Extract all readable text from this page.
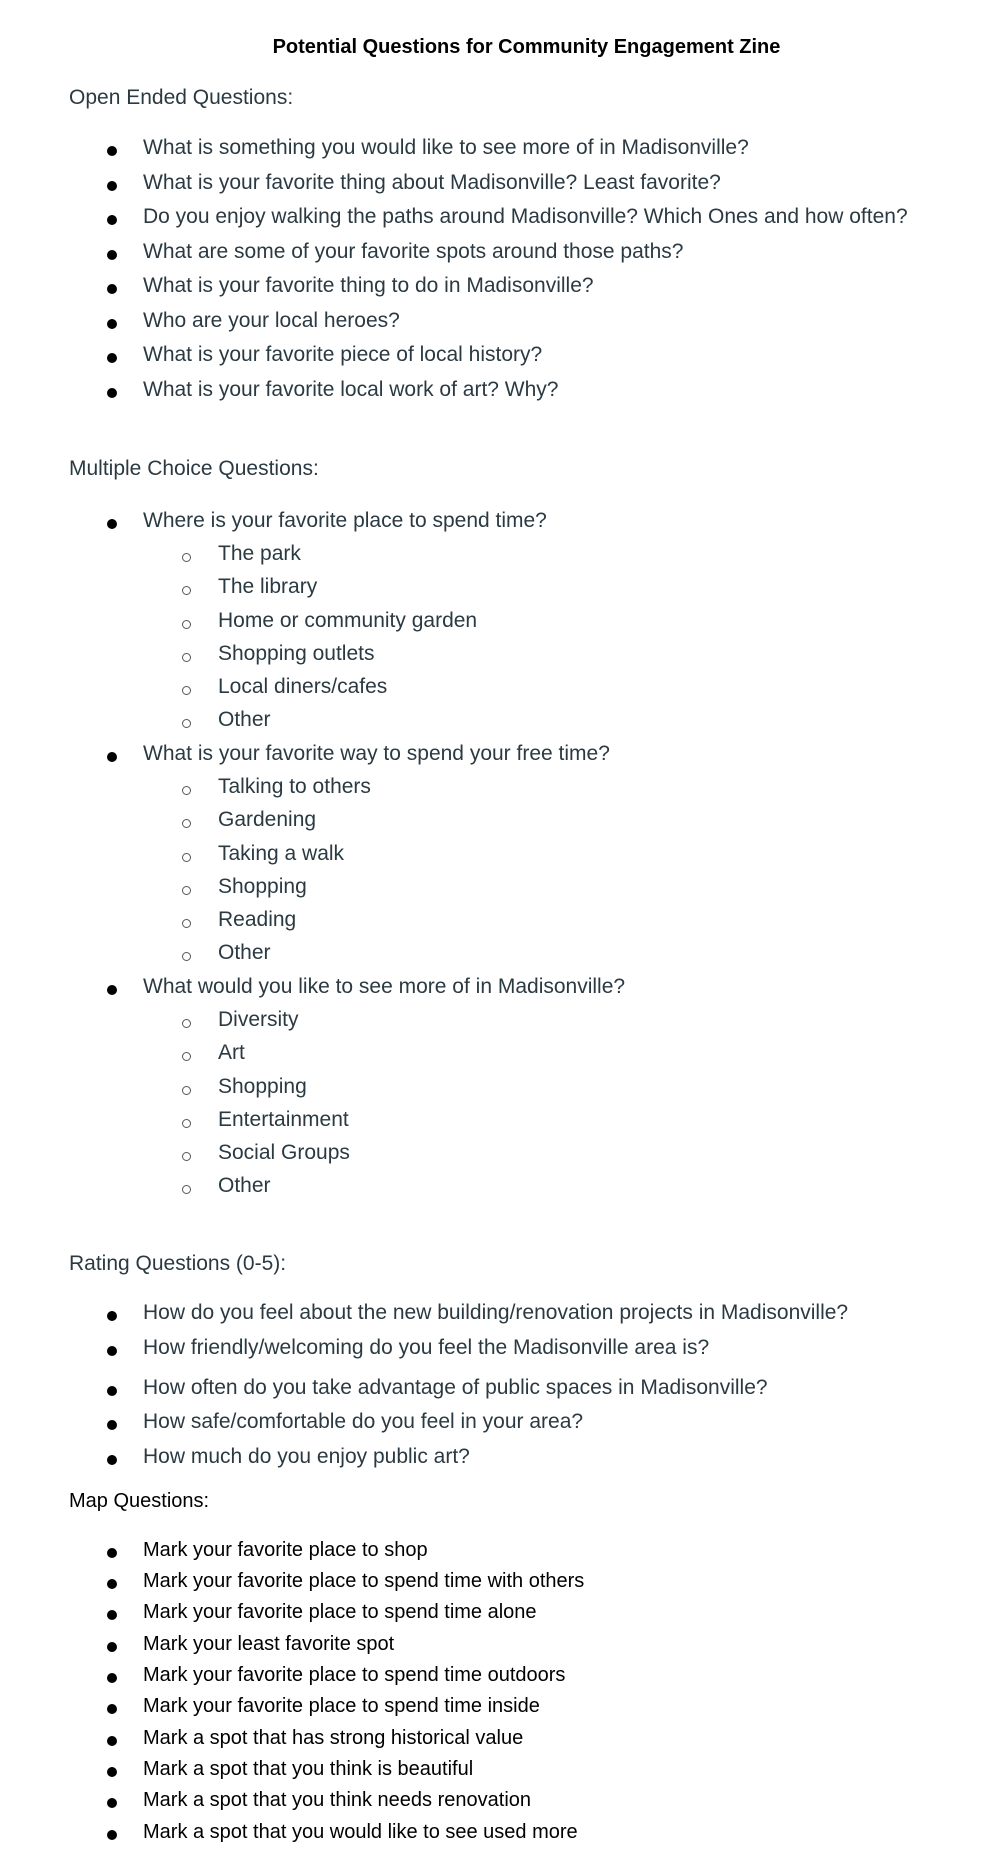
Potential Questions for Community Engagement Zine
Open Ended Questions:
What is something you would like to see more of in Madisonville?
What is your favorite thing about Madisonville? Least favorite?
Do you enjoy walking the paths around Madisonville? Which Ones and how often?
What are some of your favorite spots around those paths?
What is your favorite thing to do in Madisonville?
Who are your local heroes?
What is your favorite piece of local history?
What is your favorite local work of art? Why?
Multiple Choice Questions:
Where is your favorite place to spend time?
The park
The library
Home or community garden
Shopping outlets
Local diners/cafes
Other
What is your favorite way to spend your free time?
Talking to others
Gardening
Taking a walk
Shopping
Reading
Other
What would you like to see more of in Madisonville?
Diversity
Art
Shopping
Entertainment
Social Groups
Other
Rating Questions (0-5):
How do you feel about the new building/renovation projects in Madisonville?
How friendly/welcoming do you feel the Madisonville area is?
How often do you take advantage of public spaces in Madisonville?
How safe/comfortable do you feel in your area?
How much do you enjoy public art?
Map Questions:
Mark your favorite place to shop
Mark your favorite place to spend time with others
Mark your favorite place to spend time alone
Mark your least favorite spot
Mark your favorite place to spend time outdoors
Mark your favorite place to spend time inside
Mark a spot that has strong historical value
Mark a spot that you think is beautiful
Mark a spot that you think needs renovation
Mark a spot that you would like to see used more
